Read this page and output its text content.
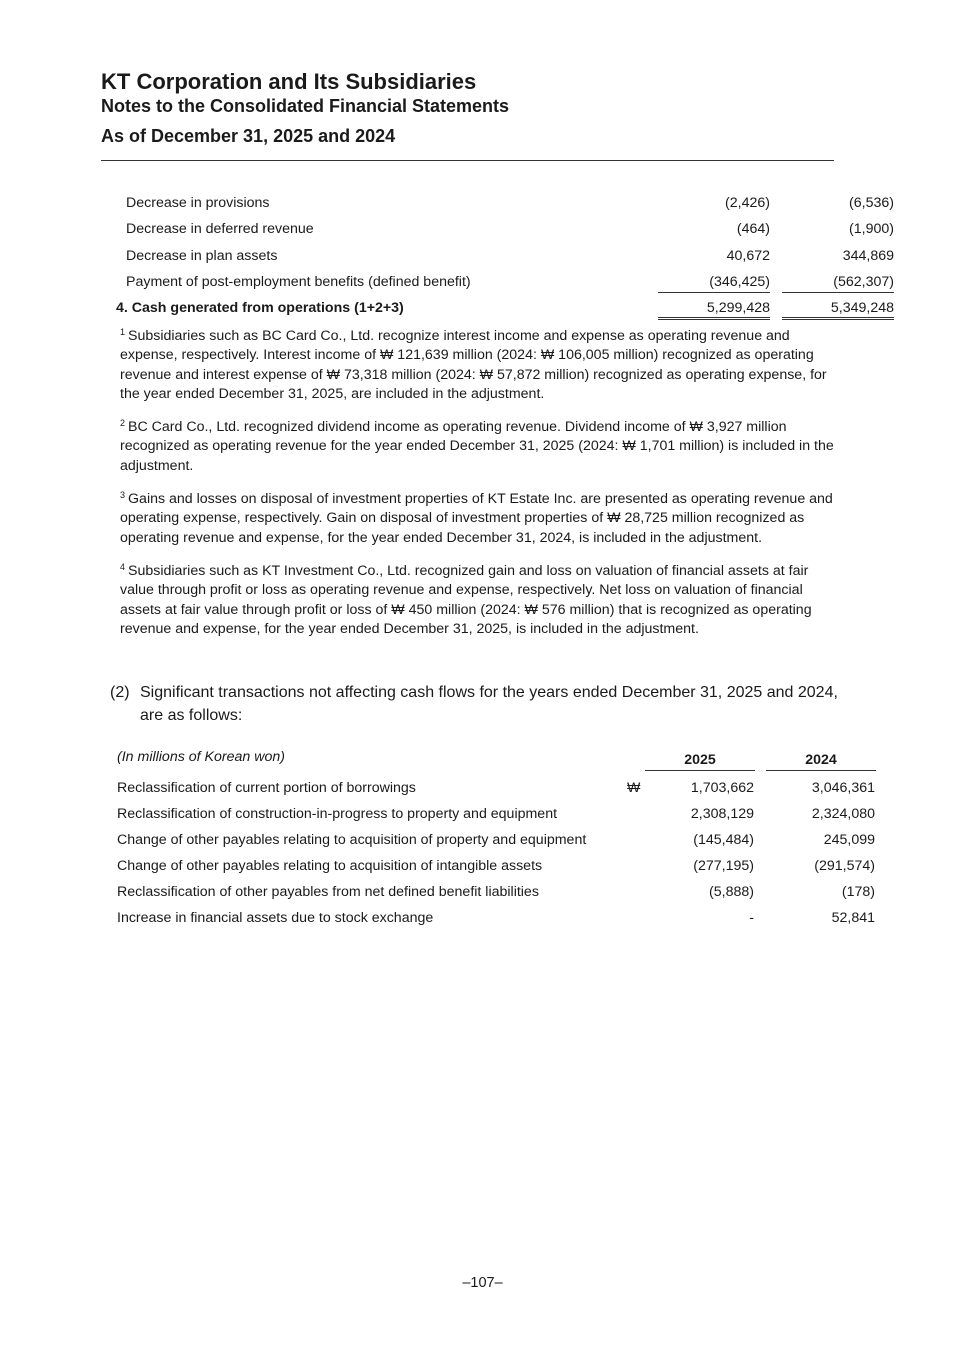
KT Corporation and Its Subsidiaries
Notes to the Consolidated Financial Statements
As of December 31, 2025 and 2024
Decrease in provisions	(2,426)	(6,536)
Decrease in deferred revenue	(464)	(1,900)
Decrease in plan assets	40,672	344,869
Payment of post-employment benefits (defined benefit)	(346,425)	(562,307)
4. Cash generated from operations (1+2+3)	5,299,428	5,349,248

$^1$ Subsidiaries such as BC Card Co., Ltd. recognize interest income and expense as operating revenue and expense, respectively. Interest income of ₩ 121,639 million (2024: ₩ 106,005 million) recognized as operating revenue and interest expense of ₩ 73,318 million (2024: ₩ 57,872 million) recognized as operating expense, for the year ended December 31, 2025, are included in the adjustment.

$^2$ BC Card Co., Ltd. recognized dividend income as operating revenue. Dividend income of ₩ 3,927 million recognized as operating revenue for the year ended December 31, 2025 (2024: ₩ 1,701 million) is included in the adjustment.

$^3$ Gains and losses on disposal of investment properties of KT Estate Inc. are presented as operating revenue and operating expense, respectively. Gain on disposal of investment properties of ₩ 28,725 million recognized as operating revenue and expense, for the year ended December 31, 2024, is included in the adjustment.

$^4$ Subsidiaries such as KT Investment Co., Ltd. recognized gain and loss on valuation of financial assets at fair value through profit or loss as operating revenue and expense, respectively. Net loss on valuation of financial assets at fair value through profit or loss of ₩ 450 million (2024: ₩ 576 million) that is recognized as operating revenue and expense, for the year ended December 31, 2025, is included in the adjustment.

(2) Significant transactions not affecting cash flows for the years ended December 31, 2025 and 2024, are as follows:
(In millions of Korean won)	2025	2024
Reclassification of current portion of borrowings	₩	1,703,662	3,046,361
Reclassification of construction-in-progress to property and equipment	2,308,129	2,324,080
Change of other payables relating to acquisition of property and equipment	(145,484)	245,099
Change of other payables relating to acquisition of intangible assets	(277,195)	(291,574)
Reclassification of other payables from net defined benefit liabilities	(5,888)	(178)
Increase in financial assets due to stock exchange	-	52,841
–107–
